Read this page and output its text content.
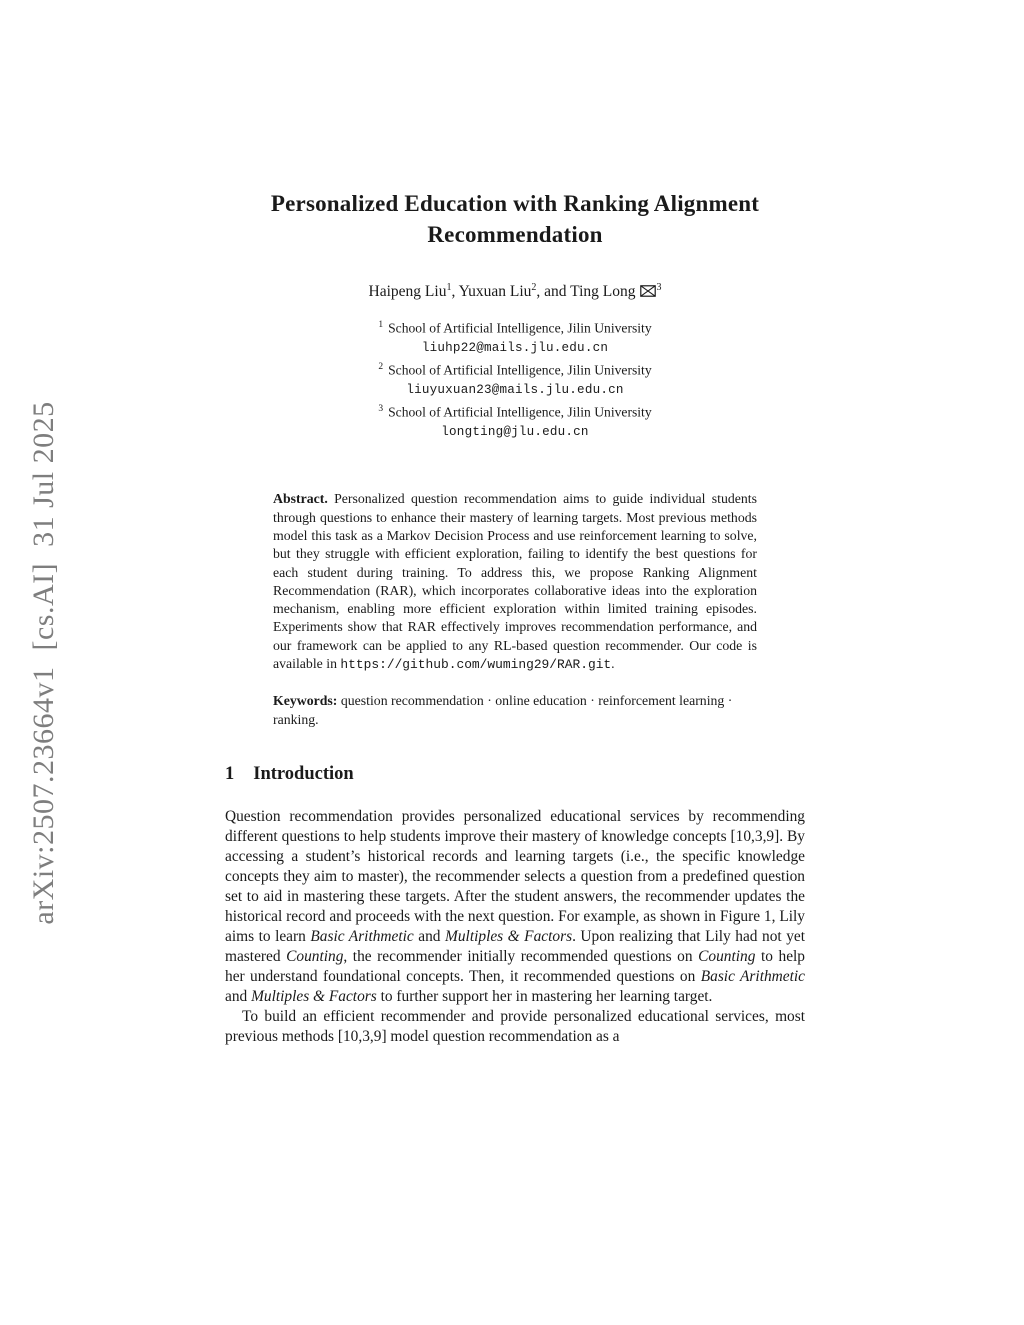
arXiv:2507.23664v1  [cs.AI]  31 Jul 2025
Personalized Education with Ranking Alignment
Recommendation
Haipeng Liu$^1$, Yuxuan Liu$^2$, and Ting Long $^3$
$^1$ School of Artificial Intelligence, Jilin University
liuhp22@mails.jlu.edu.cn
$^2$ School of Artificial Intelligence, Jilin University
liuyuxuan23@mails.jlu.edu.cn
$^3$ School of Artificial Intelligence, Jilin University
longting@jlu.edu.cn

Abstract. Personalized question recommendation aims to guide individual students through questions to enhance their mastery of learning targets. Most previous methods model this task as a Markov Decision Process and use reinforcement learning to solve, but they struggle with efficient exploration, failing to identify the best questions for each student during training. To address this, we propose Ranking Alignment Recommendation (RAR), which incorporates collaborative ideas into the exploration mechanism, enabling more efficient exploration within limited training episodes. Experiments show that RAR effectively improves recommendation performance, and our framework can be applied to any RL-based question recommender. Our code is available in https://github.com/wuming29/RAR.git.

Keywords: question recommendation · online education · reinforcement learning · ranking.

1 Introduction

Question recommendation provides personalized educational services by recommending different questions to help students improve their mastery of knowledge concepts [10,3,9]. By accessing a student’s historical records and learning targets (i.e., the specific knowledge concepts they aim to master), the recommender selects a question from a predefined question set to aid in mastering these targets. After the student answers, the recommender updates the historical record and proceeds with the next question. For example, as shown in Figure 1, Lily aims to learn Basic Arithmetic and Multiples & Factors. Upon realizing that Lily had not yet mastered Counting, the recommender initially recommended questions on Counting to help her understand foundational concepts. Then, it recommended questions on Basic Arithmetic and Multiples & Factors to further support her in mastering her learning target.

To build an efficient recommender and provide personalized educational services, most previous methods [10,3,9] model question recommendation as a
